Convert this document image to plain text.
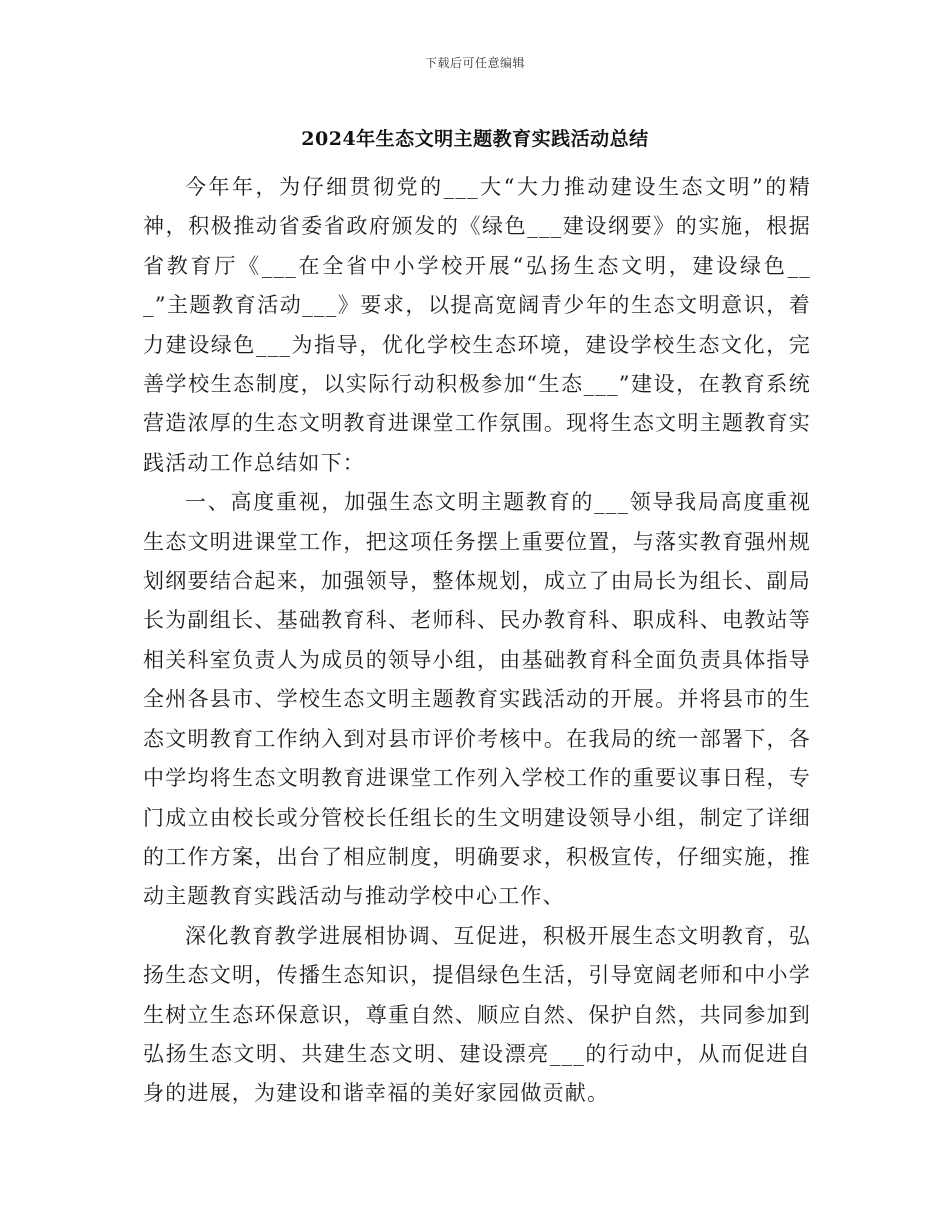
下载后可任意编辑
2024年生态文明主题教育实践活动总结

今年年，为仔细贯彻党的___大“大力推动建设生态文明”的精神，积极推动省委省政府颁发的《绿色___建设纲要》的实施，根据省教育厅《___在全省中小学校开展“弘扬生态文明，建设绿色___”主题教育活动___》要求，以提高宽阔青少年的生态文明意识，着力建设绿色___为指导，优化学校生态环境，建设学校生态文化，完善学校生态制度，以实际行动积极参加“生态___”建设，在教育系统营造浓厚的生态文明教育进课堂工作氛围。现将生态文明主题教育实践活动工作总结如下：

一、高度重视，加强生态文明主题教育的___领导我局高度重视生态文明进课堂工作，把这项任务摆上重要位置，与落实教育强州规划纲要结合起来，加强领导，整体规划，成立了由局长为组长、副局长为副组长、基础教育科、老师科、民办教育科、职成科、电教站等相关科室负责人为成员的领导小组，由基础教育科全面负责具体指导全州各县市、学校生态文明主题教育实践活动的开展。并将县市的生态文明教育工作纳入到对县市评价考核中。在我局的统一部署下，各中学均将生态文明教育进课堂工作列入学校工作的重要议事日程，专门成立由校长或分管校长任组长的生文明建设领导小组，制定了详细的工作方案，出台了相应制度，明确要求，积极宣传，仔细实施，推动主题教育实践活动与推动学校中心工作、

深化教育教学进展相协调、互促进，积极开展生态文明教育，弘扬生态文明，传播生态知识，提倡绿色生活，引导宽阔老师和中小学生树立生态环保意识，尊重自然、顺应自然、保护自然，共同参加到弘扬生态文明、共建生态文明、建设漂亮___的行动中，从而促进自身的进展，为建设和谐幸福的美好家园做贡献。
